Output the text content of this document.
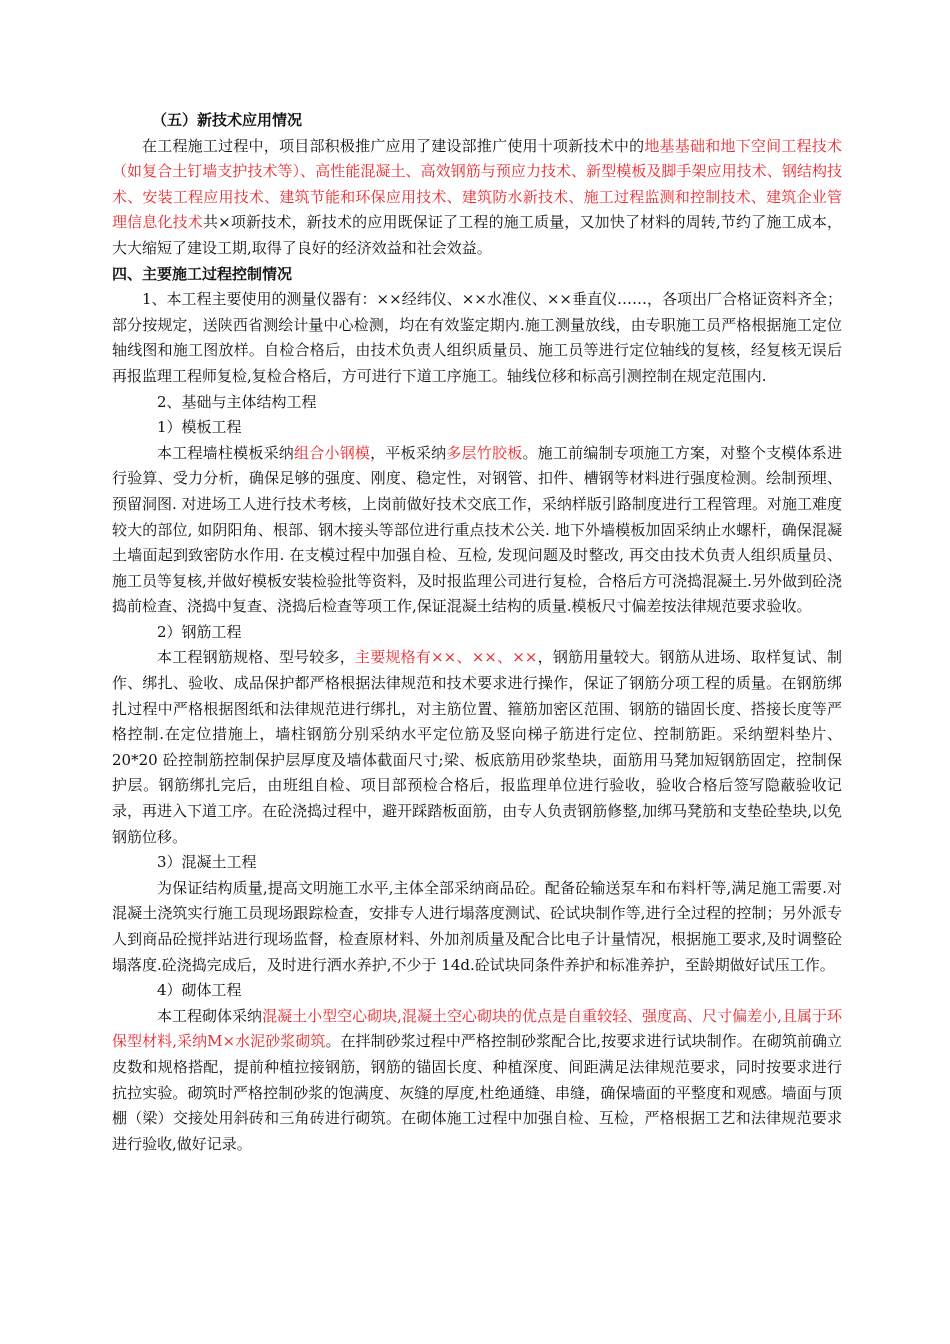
（五）新技术应用情况

在工程施工过程中，项目部积极推广应用了建设部推广使用十项新技术中的地基基础和地下空间工程技术（如复合土钉墙支护技术等）、高性能混凝土、高效钢筋与预应力技术、新型模板及脚手架应用技术、钢结构技术、安装工程应用技术、建筑节能和环保应用技术、建筑防水新技术、施工过程监测和控制技术、建筑企业管理信息化技术共×项新技术，新技术的应用既保证了工程的施工质量，又加快了材料的周转,节约了施工成本，大大缩短了建设工期,取得了良好的经济效益和社会效益。

四、主要施工过程控制情况

1、本工程主要使用的测量仪器有：××经纬仪、××水准仪、××垂直仪……，各项出厂合格证资料齐全；部分按规定，送陕西省测绘计量中心检测，均在有效鉴定期内.施工测量放线，由专职施工员严格根据施工定位轴线图和施工图放样。自检合格后，由技术负责人组织质量员、施工员等进行定位轴线的复核，经复核无误后再报监理工程师复检,复检合格后，方可进行下道工序施工。轴线位移和标高引测控制在规定范围内.

2、基础与主体结构工程

1）模板工程

本工程墙柱模板采纳组合小钢模，平板采纳多层竹胶板。施工前编制专项施工方案，对整个支模体系进行验算、受力分析，确保足够的强度、刚度、稳定性，对钢管、扣件、槽钢等材料进行强度检测。绘制预埋、预留洞图. 对进场工人进行技术考核，上岗前做好技术交底工作，采纳样版引路制度进行工程管理。对施工难度较大的部位, 如阴阳角、根部、钢木接头等部位进行重点技术公关. 地下外墙模板加固采纳止水螺杆，确保混凝土墙面起到致密防水作用. 在支模过程中加强自检、互检, 发现问题及时整改, 再交由技术负责人组织质量员、施工员等复核,并做好模板安装检验批等资料，及时报监理公司进行复检，合格后方可浇捣混凝土.另外做到砼浇捣前检查、浇捣中复查、浇捣后检查等项工作,保证混凝土结构的质量.模板尺寸偏差按法律规范要求验收。

2）钢筋工程

本工程钢筋规格、型号较多，主要规格有××、××、××，钢筋用量较大。钢筋从进场、取样复试、制作、绑扎、验收、成品保护都严格根据法律规范和技术要求进行操作，保证了钢筋分项工程的质量。在钢筋绑扎过程中严格根据图纸和法律规范进行绑扎，对主筋位置、箍筋加密区范围、钢筋的锚固长度、搭接长度等严格控制.在定位措施上，墙柱钢筋分别采纳水平定位筋及竖向梯子筋进行定位、控制筋距。采纳塑料垫片、20*20 砼控制筋控制保护层厚度及墙体截面尺寸;梁、板底筋用砂浆垫块，面筋用马凳加短钢筋固定，控制保护层。钢筋绑扎完后，由班组自检、项目部预检合格后，报监理单位进行验收，验收合格后签写隐蔽验收记录，再进入下道工序。在砼浇捣过程中，避开踩踏板面筋，由专人负责钢筋修整,加绑马凳筋和支垫砼垫块,以免钢筋位移。

3）混凝土工程

为保证结构质量,提高文明施工水平,主体全部采纳商品砼。配备砼输送泵车和布料杆等,满足施工需要.对混凝土浇筑实行施工员现场跟踪检查，安排专人进行塌落度测试、砼试块制作等,进行全过程的控制；另外派专人到商品砼搅拌站进行现场监督，检查原材料、外加剂质量及配合比电子计量情况，根据施工要求,及时调整砼塌落度.砼浇捣完成后，及时进行洒水养护,不少于 14d.砼试块同条件养护和标准养护，至龄期做好试压工作。

4）砌体工程

本工程砌体采纳混凝土小型空心砌块,混凝土空心砌块的优点是自重较轻、强度高、尺寸偏差小,且属于环保型材料,采纳M×水泥砂浆砌筑。在拌制砂浆过程中严格控制砂浆配合比,按要求进行试块制作。在砌筑前确立皮数和规格搭配，提前种植拉接钢筋，钢筋的锚固长度、种植深度、间距满足法律规范要求，同时按要求进行抗拉实验。砌筑时严格控制砂浆的饱满度、灰缝的厚度,杜绝通缝、串缝，确保墙面的平整度和观感。墙面与顶棚（梁）交接处用斜砖和三角砖进行砌筑。在砌体施工过程中加强自检、互检，严格根据工艺和法律规范要求进行验收,做好记录。
